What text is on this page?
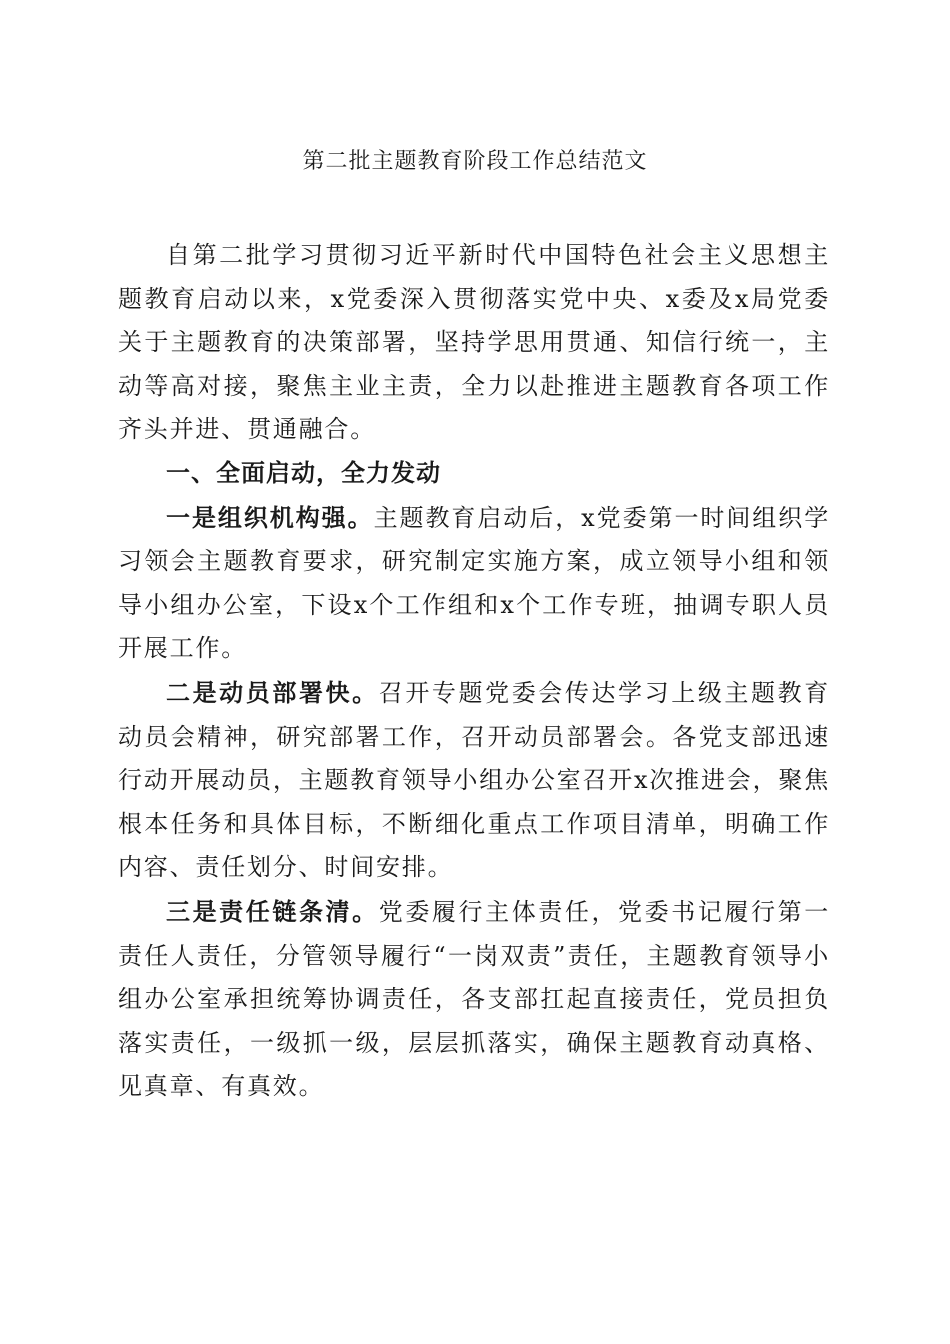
第二批主题教育阶段工作总结范文

自第二批学习贯彻习近平新时代中国特色社会主义思想主题教育启动以来，x党委深入贯彻落实党中央、x委及x局党委关于主题教育的决策部署，坚持学思用贯通、知信行统一，主动等高对接，聚焦主业主责，全力以赴推进主题教育各项工作齐头并进、贯通融合。

一、全面启动，全力发动

一是组织机构强。主题教育启动后，x党委第一时间组织学习领会主题教育要求，研究制定实施方案，成立领导小组和领导小组办公室，下设x个工作组和x个工作专班，抽调专职人员开展工作。

二是动员部署快。召开专题党委会传达学习上级主题教育动员会精神，研究部署工作，召开动员部署会。各党支部迅速行动开展动员，主题教育领导小组办公室召开x次推进会，聚焦根本任务和具体目标，不断细化重点工作项目清单，明确工作内容、责任划分、时间安排。

三是责任链条清。党委履行主体责任，党委书记履行第一责任人责任，分管领导履行“一岗双责”责任，主题教育领导小组办公室承担统筹协调责任，各支部扛起直接责任，党员担负落实责任，一级抓一级，层层抓落实，确保主题教育动真格、见真章、有真效。
